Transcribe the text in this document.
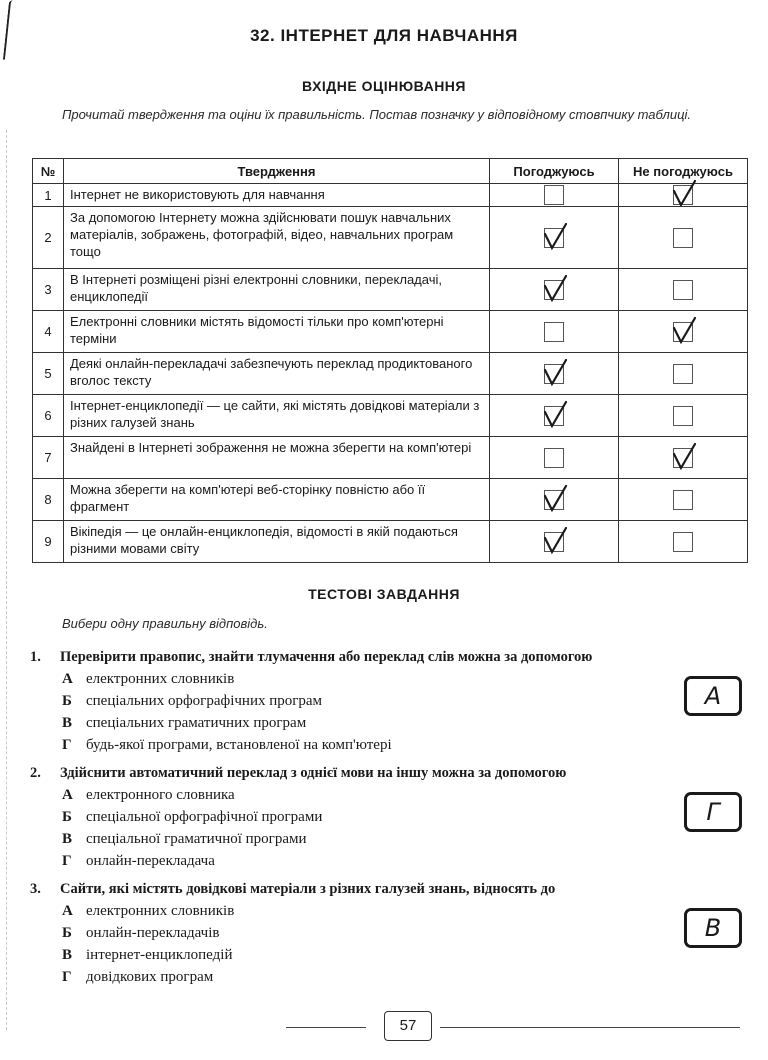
32. ІНТЕРНЕТ ДЛЯ НАВЧАННЯ
ВХІДНЕ ОЦІНЮВАННЯ
Прочитай твердження та оціни їх правильність. Постав позначку у відповідному стовпчику таблиці.
№	Твердження	Погоджуюсь	Не погоджуюсь
1	Інтернет не використовують для навчання		

2	За допомогою Інтернету можна здійснювати пошук навчальних матеріалів, зображень, фотографій, відео, навчальних програм тощо	

3	В Інтернеті розміщені різні електронні словники, перекладачі, енциклопедії	

4	Електронні словники містять відомості тільки про комп'ютерні терміни		

5	Деякі онлайн-перекладачі забезпечують переклад продиктованого вголос тексту	

6	Інтернет-енциклопедії — це сайти, які містять довідкові матеріали з різних галузей знань	

7	Знайдені в Інтернеті зображення не можна зберегти на комп'ютері		

8	Можна зберегти на комп'ютері веб-сторінку повністю або її фрагмент	

9	Вікіпедія — це онлайн-енциклопедія, відомості в якій подаються різними мовами світу	

ТЕСТОВІ ЗАВДАННЯ
Вибери одну правильну відповідь.
1. Перевірити правопис, знайти тлумачення або переклад слів можна за допомогою
А електронних словників
Б спеціальних орфографічних програм
В спеціальних граматичних програм
Г будь-якої програми, встановленої на комп'ютері
А
2. Здійснити автоматичний переклад з однієї мови на іншу можна за допомогою
А електронного словника
Б спеціальної орфографічної програми
В спеціальної граматичної програми
Г онлайн-перекладача
Г
3. Сайти, які містять довідкові матеріали з різних галузей знань, відносять до
А електронних словників
Б онлайн-перекладачів
В інтернет-енциклопедій
Г довідкових програм
В
57
